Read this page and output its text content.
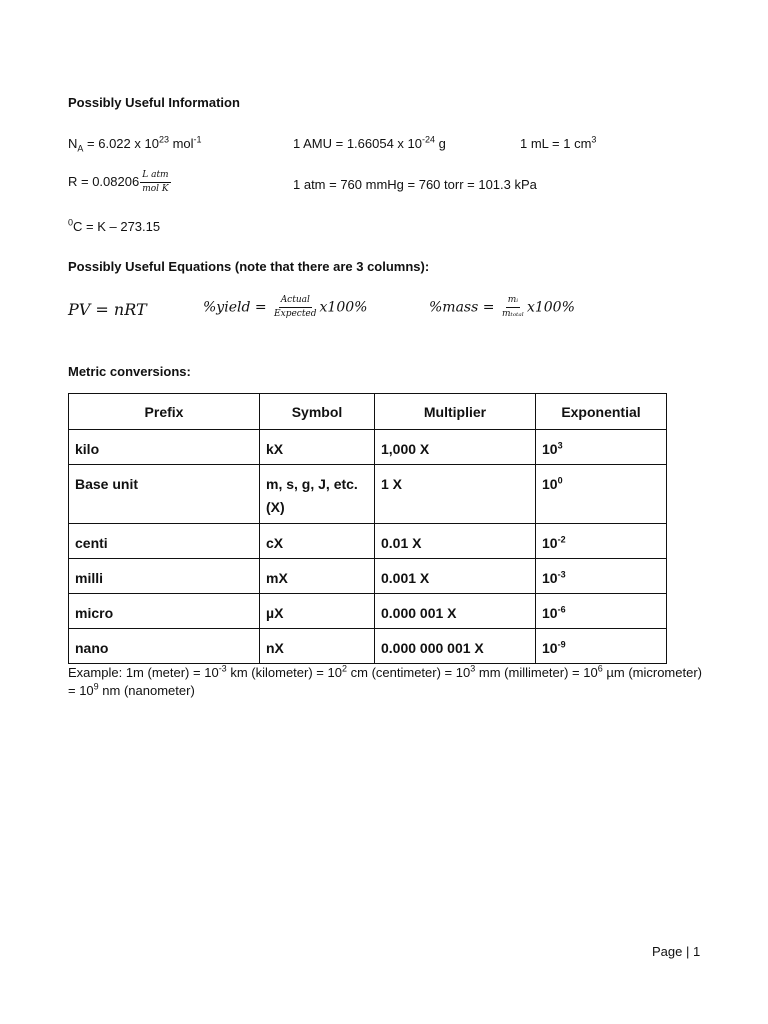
Possibly Useful Information
$N_A = 6.022$ x $10^{23}$ mol$^{-1}$	1 AMU = 1.66054 x $10^{-24}$ g	1 mL = 1 $cm^3$
$R = 0.08206 \frac{\text{L atm}}{\text{mol K}}$	1 atm = 760 mmHg = 760 torr = 101.3 kPa
$^0$C = K – 273.15
Possibly Useful Equations (note that there are 3 columns):
PV = nRT	%yield = $\frac{\text{Actual}}{\text{Expected}} x100\%$	%mass = $\frac{\text{mᵢ}}{\text{mₜₒₜₐₗ}} x100\%$
Metric conversions:
Prefix	Symbol	Multiplier	Exponential
kilo	kX	1,000 X	$10^3$
Base unit	m, s, g, J, etc. (X)	1 X	$10^0$
centi	cX	0.01 X	$10^{-2}$
milli	mX	0.001 X	$10^{-3}$
micro	µX	0.000 001 X	$10^{-6}$
nano	nX	0.000 000 001 X	$10^{-9}$
Example: 1m (meter) = $10^{-3}$ km (kilometer) = $10^2$ cm (centimeter) = $10^3$ mm (millimeter) = $10^6$ µm (micrometer) = $10^9$ nm (nanometer)
Page | 1
